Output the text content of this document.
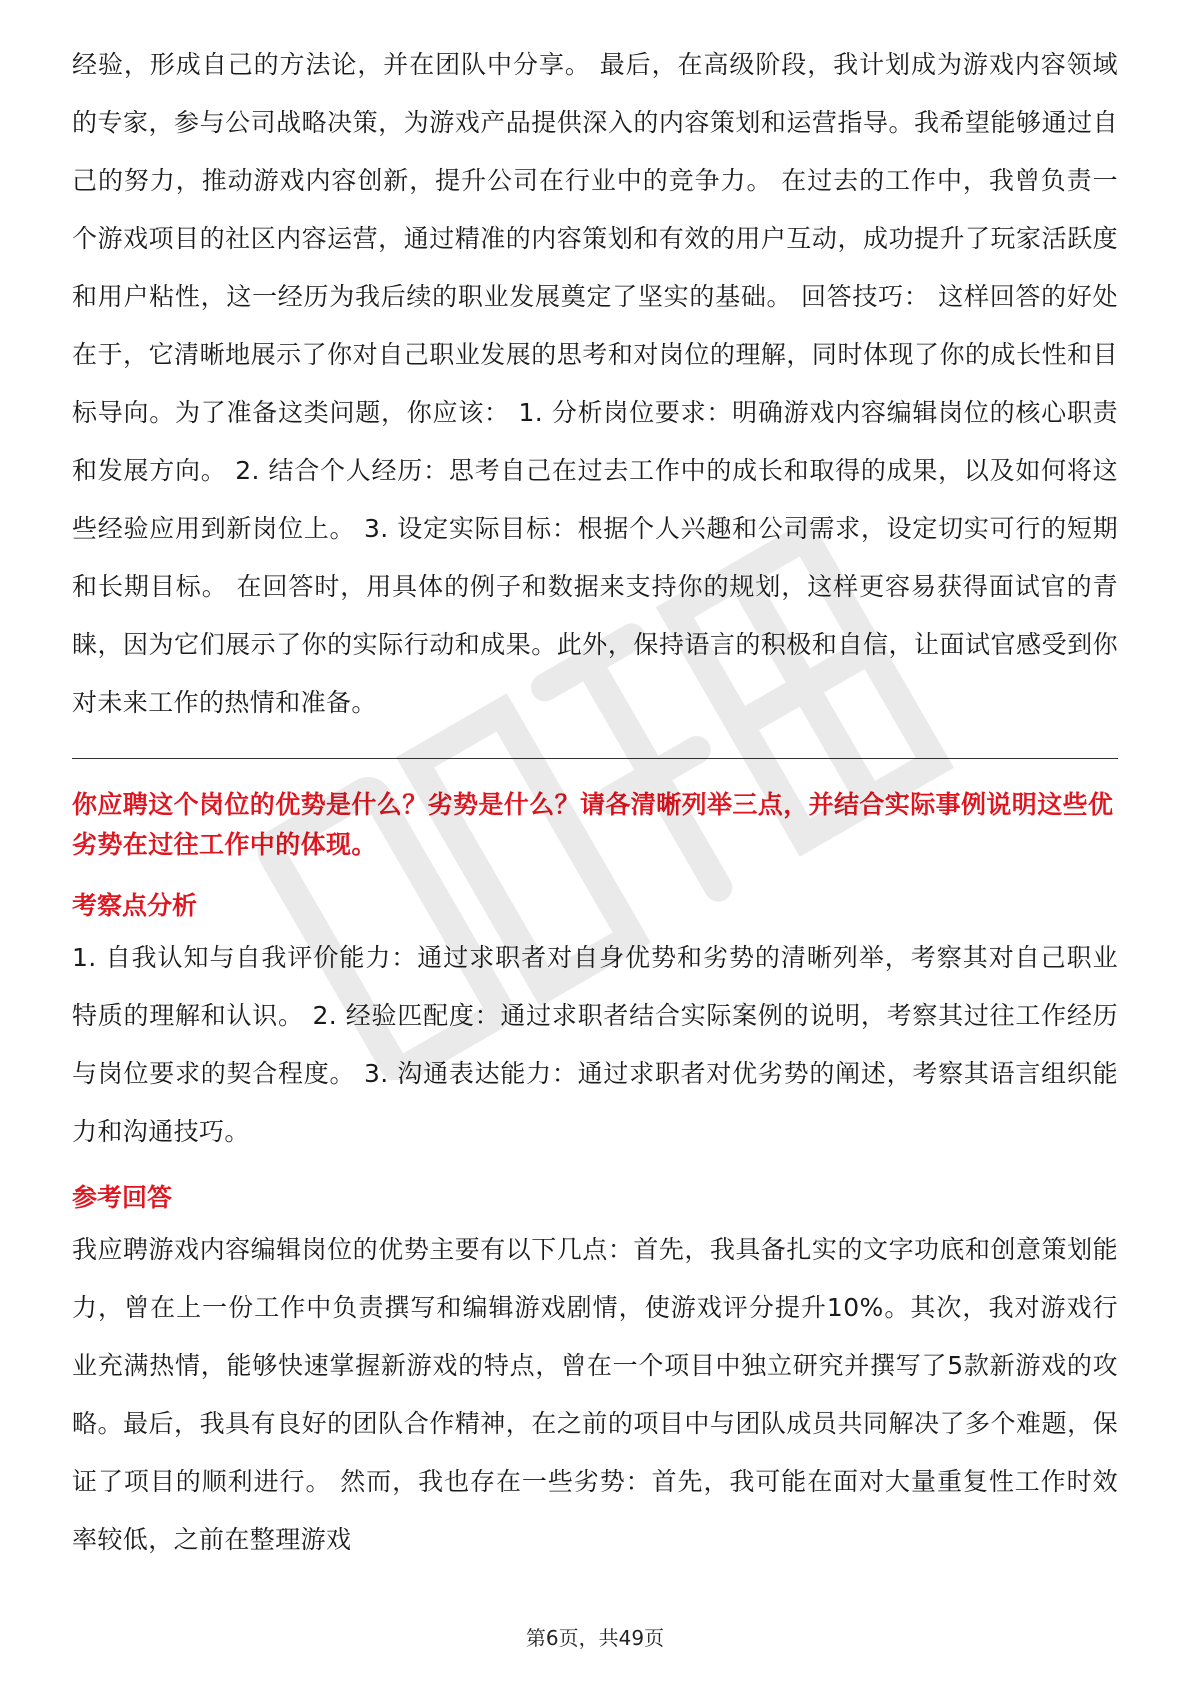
经验，形成自己的方法论，并在团队中分享。 最后，在高级阶段，我计划成为游戏内容领域的专家，参与公司战略决策，为游戏产品提供深入的内容策划和运营指导。我希望能够通过自己的努力，推动游戏内容创新，提升公司在行业中的竞争力。 在过去的工作中，我曾负责一个游戏项目的社区内容运营，通过精准的内容策划和有效的用户互动，成功提升了玩家活跃度和用户粘性，这一经历为我后续的职业发展奠定了坚实的基础。 回答技巧： 这样回答的好处在于，它清晰地展示了你对自己职业发展的思考和对岗位的理解，同时体现了你的成长性和目标导向。为了准备这类问题，你应该： 1. 分析岗位要求：明确游戏内容编辑岗位的核心职责和发展方向。 2. 结合个人经历：思考自己在过去工作中的成长和取得的成果，以及如何将这些经验应用到新岗位上。 3. 设定实际目标：根据个人兴趣和公司需求，设定切实可行的短期和长期目标。 在回答时，用具体的例子和数据来支持你的规划，这样更容易获得面试官的青睐，因为它们展示了你的实际行动和成果。此外，保持语言的积极和自信，让面试官感受到你对未来工作的热情和准备。

你应聘这个岗位的优势是什么？劣势是什么？请各清晰列举三点，并结合实际事例说明这些优劣势在过往工作中的体现。

考察点分析

1. 自我认知与自我评价能力：通过求职者对自身优势和劣势的清晰列举，考察其对自己职业特质的理解和认识。 2. 经验匹配度：通过求职者结合实际案例的说明，考察其过往工作经历与岗位要求的契合程度。 3. 沟通表达能力：通过求职者对优劣势的阐述，考察其语言组织能力和沟通技巧。

参考回答

我应聘游戏内容编辑岗位的优势主要有以下几点：首先，我具备扎实的文字功底和创意策划能力，曾在上一份工作中负责撰写和编辑游戏剧情，使游戏评分提升10%。其次，我对游戏行业充满热情，能够快速掌握新游戏的特点，曾在一个项目中独立研究并撰写了5款新游戏的攻略。最后，我具有良好的团队合作精神，在之前的项目中与团队成员共同解决了多个难题，保证了项目的顺利进行。 然而，我也存在一些劣势：首先，我可能在面对大量重复性工作时效率较低，之前在整理游戏

第6页，共49页
